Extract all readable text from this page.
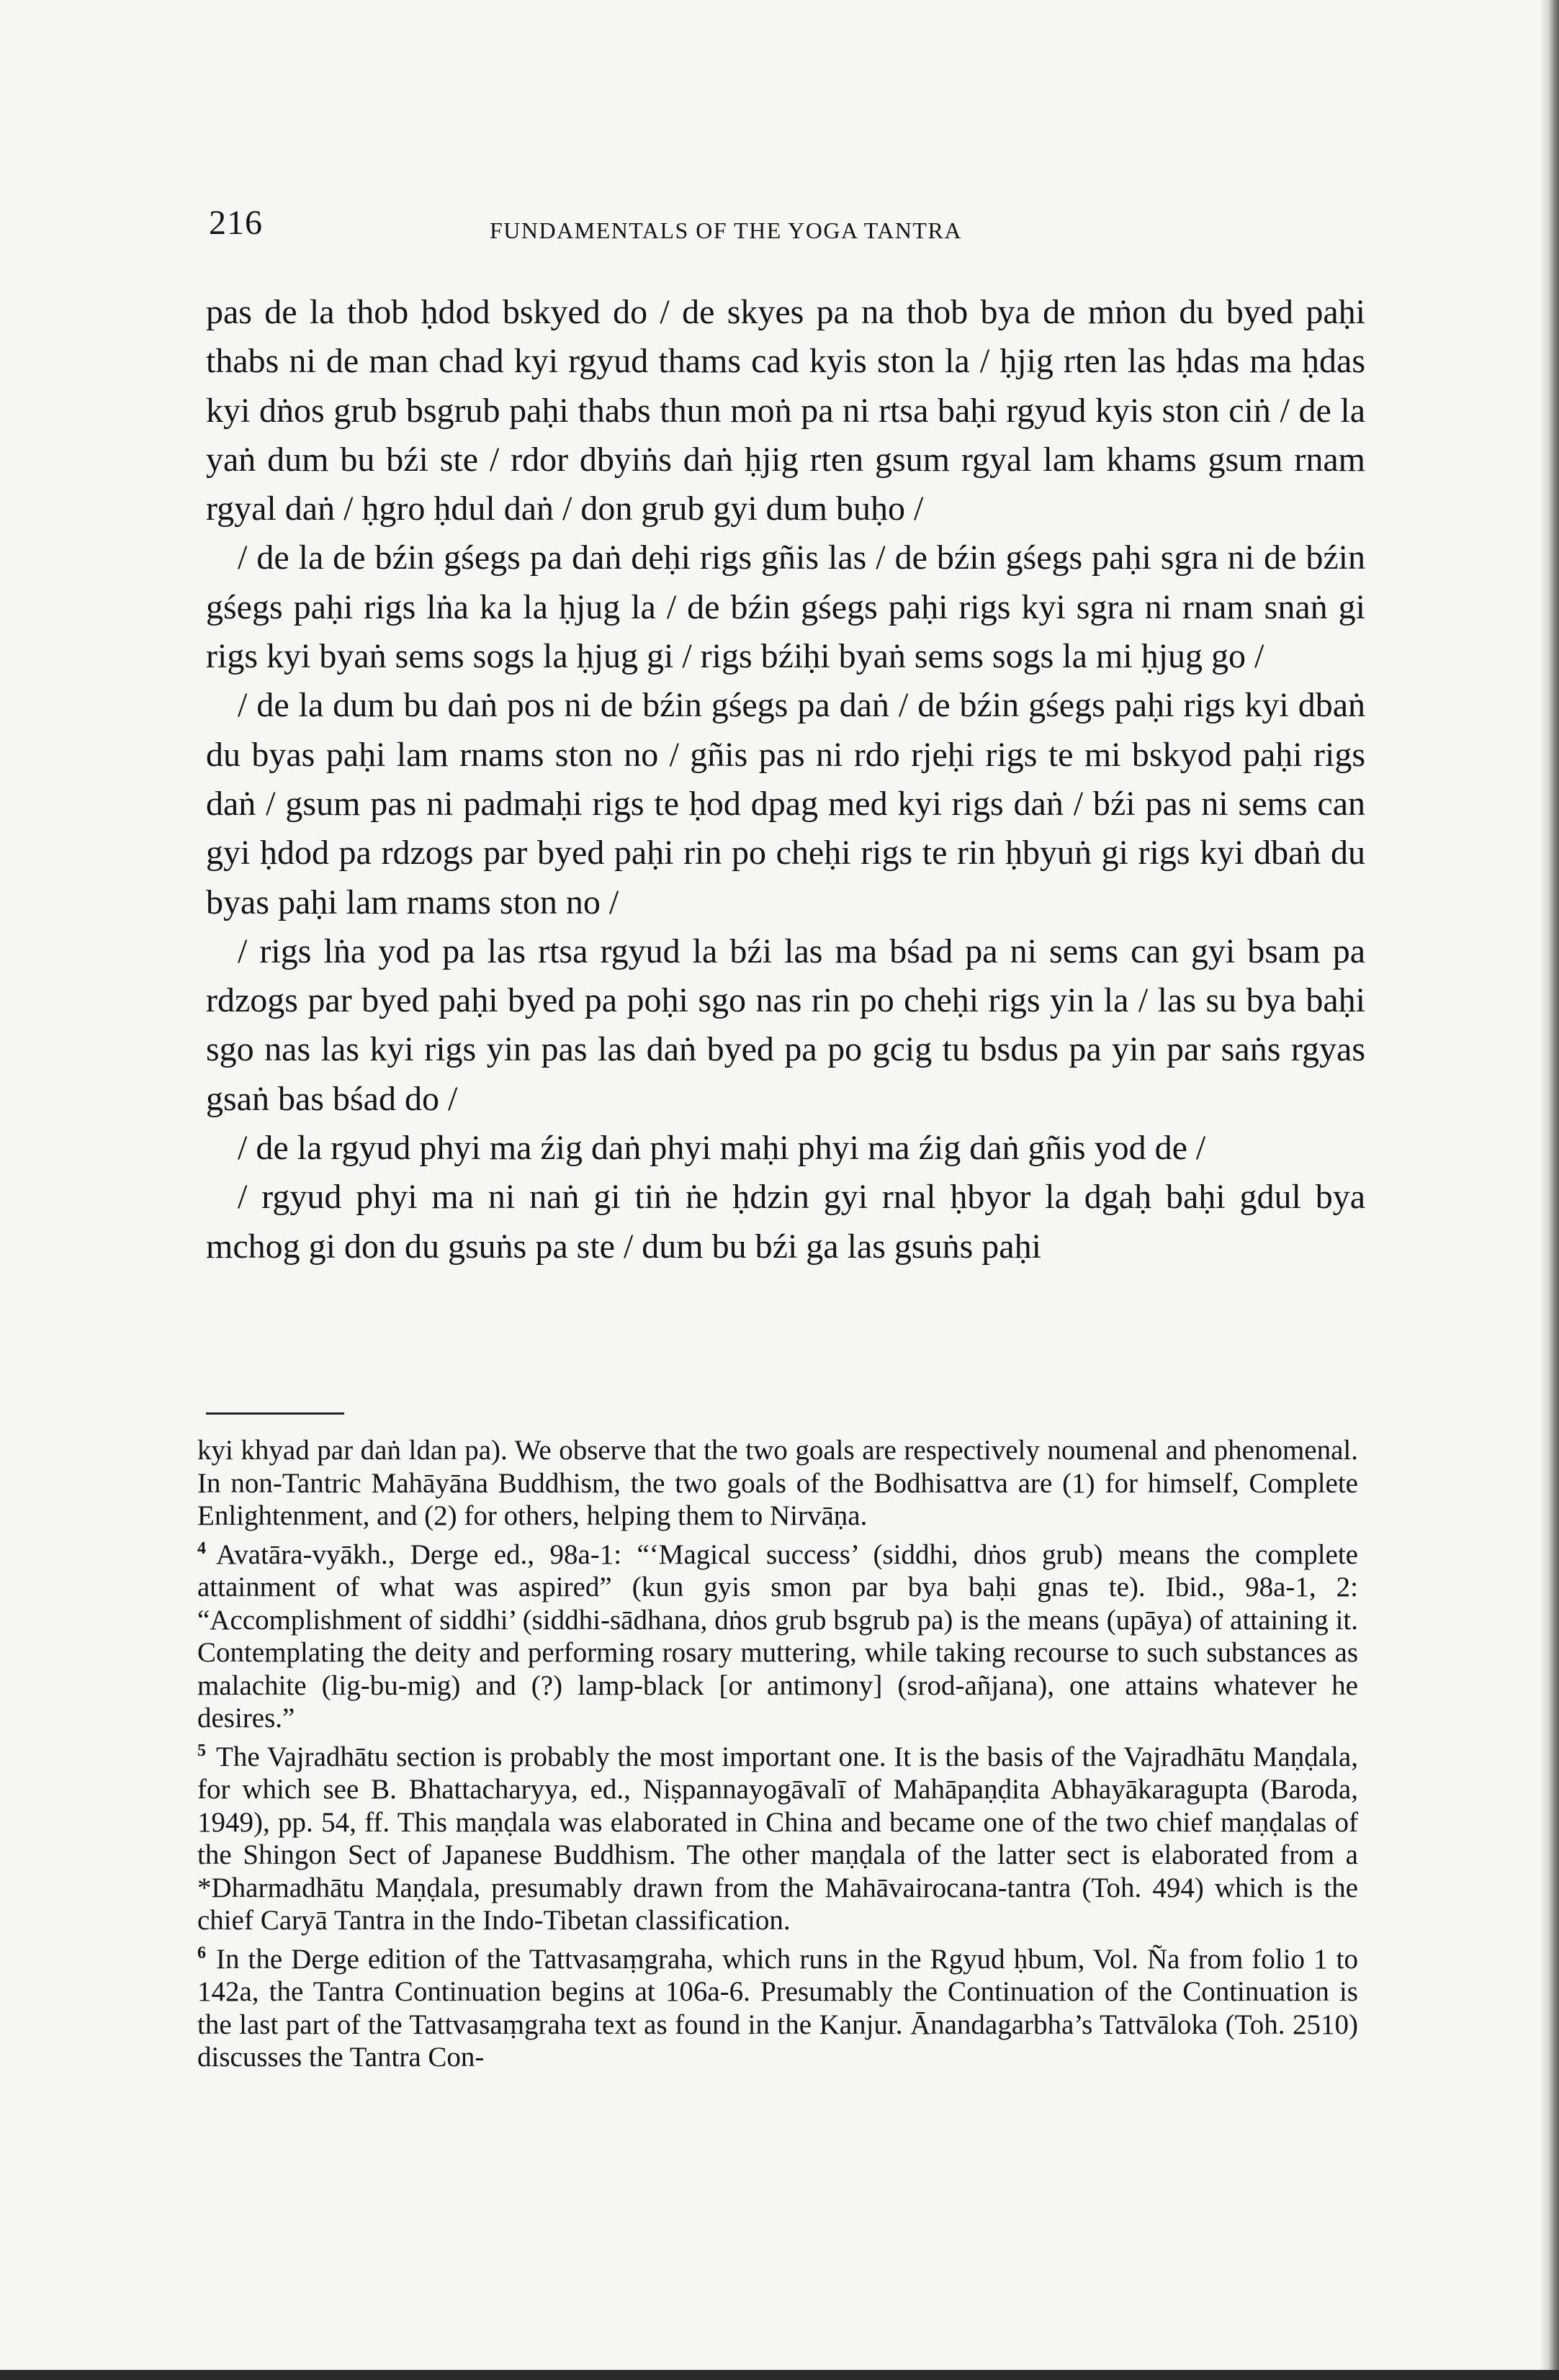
216	FUNDAMENTALS OF THE YOGA TANTRA

pas de la thob ḥdod bskyed do / de skyes pa na thob bya de mṅon du byed paḥi thabs ni de man chad kyi rgyud thams cad kyis ston la / ḥjig rten las ḥdas ma ḥdas kyi dṅos grub bsgrub paḥi thabs thun moṅ pa ni rtsa baḥi rgyud kyis ston ciṅ / de la yaṅ dum bu bźi ste / rdor dbyiṅs daṅ ḥjig rten gsum rgyal lam khams gsum rnam rgyal daṅ / ḥgro ḥdul daṅ / don grub gyi dum buḥo /

/ de la de bźin gśegs pa daṅ deḥi rigs gñis las / de bźin gśegs paḥi sgra ni de bźin gśegs paḥi rigs lṅa ka la ḥjug la / de bźin gśegs paḥi rigs kyi sgra ni rnam snaṅ gi rigs kyi byaṅ sems sogs la ḥjug gi / rigs bźiḥi byaṅ sems sogs la mi ḥjug go /

/ de la dum bu daṅ pos ni de bźin gśegs pa daṅ / de bźin gśegs paḥi rigs kyi dbaṅ du byas paḥi lam rnams ston no / gñis pas ni rdo rjeḥi rigs te mi bskyod paḥi rigs daṅ / gsum pas ni padmaḥi rigs te ḥod dpag med kyi rigs daṅ / bźi pas ni sems can gyi ḥdod pa rdzogs par byed paḥi rin po cheḥi rigs te rin ḥbyuṅ gi rigs kyi dbaṅ du byas paḥi lam rnams ston no /

/ rigs lṅa yod pa las rtsa rgyud la bźi las ma bśad pa ni sems can gyi bsam pa rdzogs par byed paḥi byed pa poḥi sgo nas rin po cheḥi rigs yin la / las su bya baḥi sgo nas las kyi rigs yin pas las daṅ byed pa po gcig tu bsdus pa yin par saṅs rgyas gsaṅ bas bśad do /

/ de la rgyud phyi ma źig daṅ phyi maḥi phyi ma źig daṅ gñis yod de /

/ rgyud phyi ma ni naṅ gi tiṅ ṅe ḥdzin gyi rnal ḥbyor la dgaḥ baḥi gdul bya mchog gi don du gsuṅs pa ste / dum bu bźi ga las gsuṅs paḥi

kyi khyad par daṅ ldan pa). We observe that the two goals are respectively noumenal and phenomenal. In non-Tantric Mahāyāna Buddhism, the two goals of the Bodhisattva are (1) for himself, Complete Enlightenment, and (2) for others, helping them to Nirvāṇa.

$^4$ Avatāra-vyākh., Derge ed., 98a-1: “‘Magical success’ (siddhi, dṅos grub) means the complete attainment of what was aspired” (kun gyis smon par bya baḥi gnas te). Ibid., 98a-1, 2: “Accomplishment of siddhi’ (siddhi-sādhana, dṅos grub bsgrub pa) is the means (upāya) of attaining it. Contemplating the deity and performing rosary muttering, while taking recourse to such substances as malachite (lig-bu-mig) and (?) lamp-black [or antimony] (srod-añjana), one attains whatever he desires.”

$^5$ The Vajradhātu section is probably the most important one. It is the basis of the Vajradhātu Maṇḍala, for which see B. Bhattacharyya, ed., Niṣpannayogāvalī of Mahāpaṇḍita Abhayākaragupta (Baroda, 1949), pp. 54, ff. This maṇḍala was elaborated in China and became one of the two chief maṇḍalas of the Shingon Sect of Japanese Buddhism. The other maṇḍala of the latter sect is elaborated from a *Dharmadhātu Maṇḍala, presumably drawn from the Mahāvairocana-tantra (Toh. 494) which is the chief Caryā Tantra in the Indo-Tibetan classification.

$^6$ In the Derge edition of the Tattvasaṃgraha, which runs in the Rgyud ḥbum, Vol. Ña from folio 1 to 142a, the Tantra Continuation begins at 106a-6. Presumably the Continuation of the Continuation is the last part of the Tattvasaṃgraha text as found in the Kanjur. Ānandagarbha’s Tattvāloka (Toh. 2510) discusses the Tantra Con-
